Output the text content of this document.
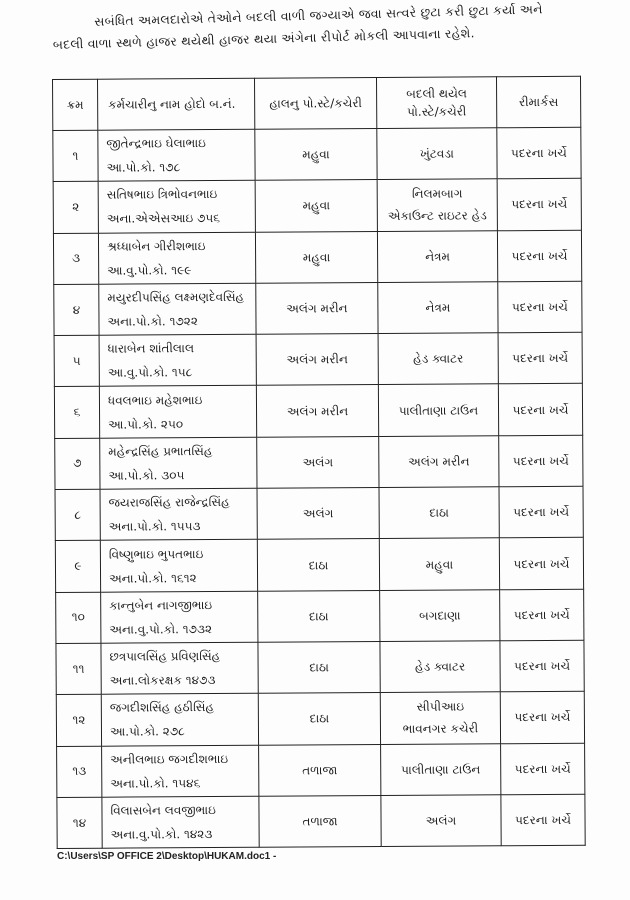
સબંધિત અમલદારોએ તેઓને બદલી વાળી જગ્યાએ જવા સત્વરે છુટા કરી છુટા કર્યા અને

બદલી વાળા સ્થળે હાજર થયેથી હાજર થયા અંગેના રીપોર્ટ મોકલી આપવાના રહેશે.

ક્રમ	કર્મચારીનુ નામ હોદો બ.નં.	હાલનુ પો.સ્ટે/કચેરી	બદલી થયેલ
પો.સ્ટે/કચેરી	રીમાર્કસ
૧	જીતેન્દ્રભાઇ ઘેલાભાઇ
આ.પો.કો. ૧૭૮	મહુવા	ખુંટવડા	પદરના ખર્ચે
૨	સતિષભાઇ ત્રિભોવનભાઇ
અના.એએસઆઇ ૭૫૬	મહુવા	નિલમબાગ
એકાઉન્ટ રાઇટર હેડ	પદરના ખર્ચે
૩	શ્રધ્ધાબેન ગીરીશભાઇ
આ.વુ.પો.કો. ૧૯૯	મહુવા	નેત્રમ	પદરના ખર્ચે
૪	મયુરદીપસિંહ લક્ષ્મણદેવસિંહ
અના.પો.કો. ૧૭૨૨	અલંગ મરીન	નેત્રમ	પદરના ખર્ચે
૫	ધારાબેન શાંતીલાલ
આ.વુ.પો.કો. ૧૫૮	અલંગ મરીન	હેડ ક્વાટર	પદરના ખર્ચે
૬	ધવલભાઇ મહેશભાઇ
આ.પો.કો. ૨૫૦	અલંગ મરીન	પાલીતાણા ટાઉન	પદરના ખર્ચે
૭	મહેન્દ્રસિંહ પ્રભાતસિંહ
આ.પો.કો. ૩૦૫	અલંગ	અલંગ મરીન	પદરના ખર્ચે
૮	જયરાજસિંહ રાજેન્દ્રસિંહ
અના.પો.કો. ૧૫૫૩	અલંગ	દાઠા	પદરના ખર્ચે
૯	વિષ્ણુભાઇ ભુપતભાઇ
અના.પો.કો. ૧૬૧૨	દાઠા	મહુવા	પદરના ખર્ચે
૧૦	કાન્તુબેન નાગજીભાઇ
અના.વુ.પો.કો. ૧૭૩૨	દાઠા	બગદાણા	પદરના ખર્ચે
૧૧	છત્રપાલસિંહ પ્રવિણસિંહ
અના.લોકરક્ષક ૧૪૭૩	દાઠા	હેડ ક્વાટર	પદરના ખર્ચે
૧૨	જગદીશસિંહ હઠીસિંહ
આ.પો.કો. ૨૭૮	દાઠા	સીપીઆઇ
ભાવનગર કચેરી	પદરના ખર્ચે
૧૩	અનીલભાઇ જગદીશભાઇ
અના.પો.કો. ૧૫૪૬	તળાજા	પાલીતાણા ટાઉન	પદરના ખર્ચે
૧૪	વિલાસબેન લવજીભાઇ
અના.વુ.પો.કો. ૧૪૨૩	તળાજા	અલંગ	પદરના ખર્ચે
C:\Users\SP OFFICE 2\Desktop\HUKAM.doc1 -
